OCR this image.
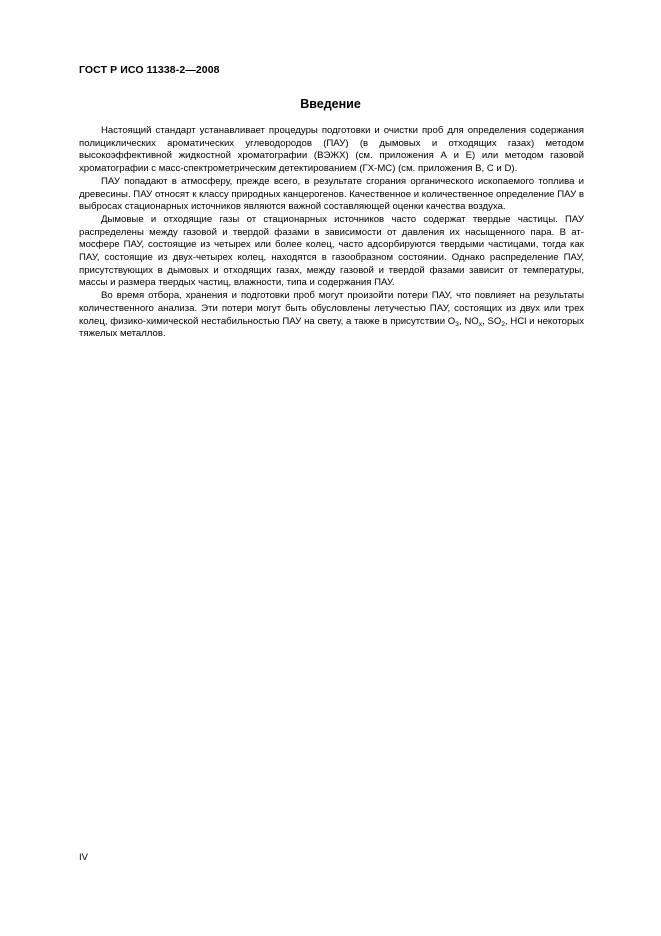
ГОСТ Р ИСО 11338-2—2008
Введение

Настоящий стандарт устанавливает процедуры подготовки и очистки проб для определения содержания полициклических ароматических углеводородов (ПАУ) (в дымовых и отходящих газах) методом высокоэффективной жидкостной хроматографии (ВЭЖХ) (см. приложения А и Е) или методом газовой хроматографии с масс-спектрометрическим детектированием (ГХ-МС) (см. приложения В, С и D).

ПАУ попадают в атмосферу, прежде всего, в результате сгорания органического ископаемого топлива и древесины. ПАУ относят к классу природных канцерогенов. Качественное и количественное определение ПАУ в выбросах стационарных источников являются важной составляющей оценки качества воздуха.

Дымовые и отходящие газы от стационарных источников часто содержат твердые частицы. ПАУ распределены между газовой и твердой фазами в зависимости от давления их насыщенного пара. В атмосфере ПАУ, состоящие из четырех или более колец, часто адсорбируются твердыми частицами, тогда как ПАУ, состоящие из двух-четырех колец, находятся в газообразном состоянии. Однако распределение ПАУ, присутствующих в дымовых и отходящих газах, между газовой и твердой фазами зависит от температуры, массы и размера твердых частиц, влажности, типа и содержания ПАУ.

Во время отбора, хранения и подготовки проб могут произойти потери ПАУ, что повлияет на результаты количественного анализа. Эти потери могут быть обусловлены летучестью ПАУ, состоящих из двух или трех колец, физико-химической нестабильностью ПАУ на свету, а также в присутствии $O_3$, $NO_x$, $SO_2$, HCl и некоторых тяжелых металлов.

IV
